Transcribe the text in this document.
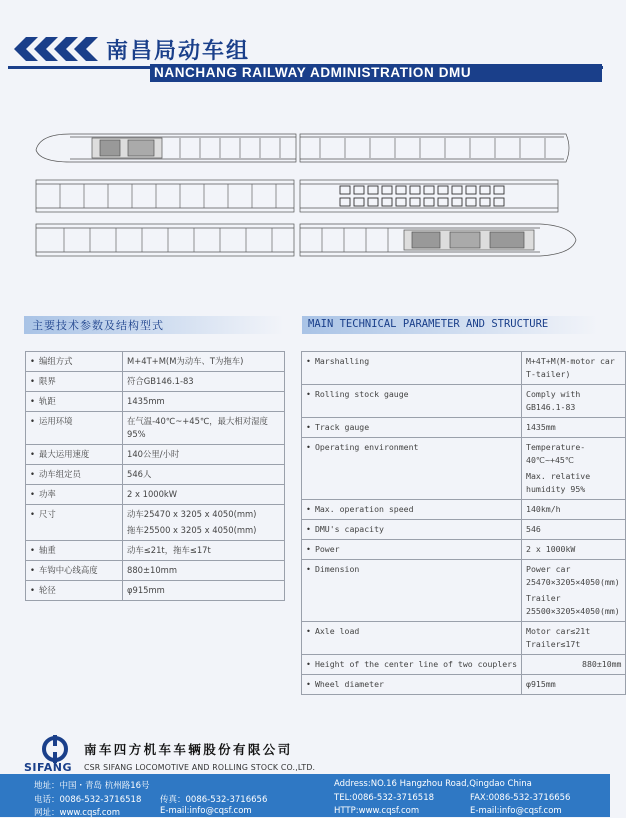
南昌局动车组
NANCHANG RAILWAY ADMINISTRATION DMU
主要技术参数及结构型式	MAIN TECHNICAL PARAMETER AND STRUCTURE
• 编组方式	M+4T+M(M为动车、T为拖车)
• 限界	符合GB146.1-83
• 轨距	1435mm
• 运用环境	在气温-40℃~+45℃，最大相对湿度95%
• 最大运用速度	140公里/小时
• 动车组定员	546人
• 功率	2 x 1000kW
• 尺寸	动车25470 x 3205 x 4050(mm)
拖车25500 x 3205 x 4050(mm)

• 轴重	动车≤21t，拖车≤17t
• 车钩中心线高度	880±10mm
• 轮径	φ915mm
• Marshalling	M+4T+M(M-motor car T-tailer)
• Rolling stock gauge	Comply with GB146.1-83
• Track gauge	1435mm
• Operating environment	Temperature-40℃~+45℃
Max. relative humidity 95%

• Max. operation speed	140km/h
• DMU's capacity	546
• Power	2 x 1000kW
• Dimension	Power car 25470×3205×4050(mm)
Trailer 25500×3205×4050(mm)

• Axle load	Motor car≤21t Trailer≤17t
• Height of the center line of two couplers	880±10mm
• Wheel diameter	φ915mm
SIFANG
南车四方机车车辆股份有限公司
CSR SIFANG LOCOMOTIVE AND ROLLING STOCK CO.,LTD.
地址：中国・青岛 杭州路16号	Address:NO.16 Hangzhou Road,Qingdao China
电话：0086-532-3716518 传真：0086-532-3716656	TEL:0086-532-3716518	FAX:0086-532-3716656
网址：www.cqsf.com	E-mail:info@cqsf.com	HTTP:www.cqsf.com	E-mail:info@cqsf.com
